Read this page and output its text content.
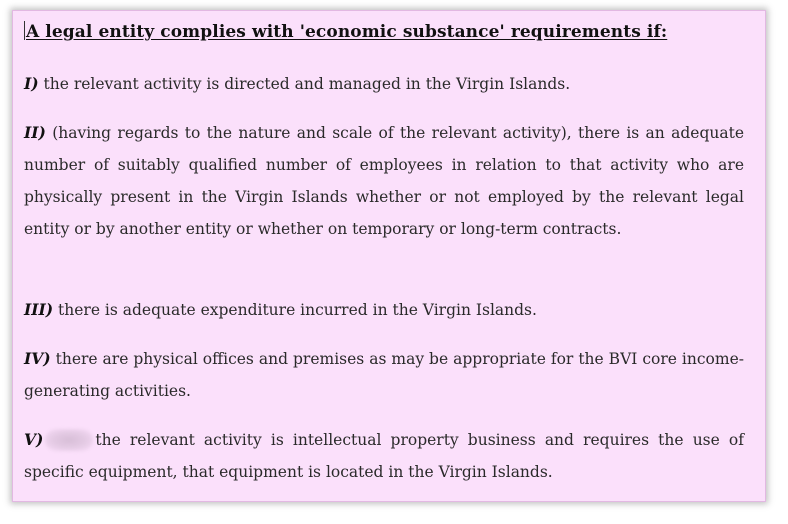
A legal entity complies with 'economic substance' requirements if:

I) the relevant activity is directed and managed in the Virgin Islands.

II) (having regards to the nature and scale of the relevant activity), there is an adequate number of suitably qualified number of employees in relation to that activity who are physically present in the Virgin Islands whether or not employed by the relevant legal entity or by another entity or whether on temporary or long-term contracts.

III) there is adequate expenditure incurred in the Virgin Islands.

IV) there are physical offices and premises as may be appropriate for the BVI core income-generating activities.

V)	the relevant activity is intellectual property business and requires the use of specific equipment, that equipment is located in the Virgin Islands.
